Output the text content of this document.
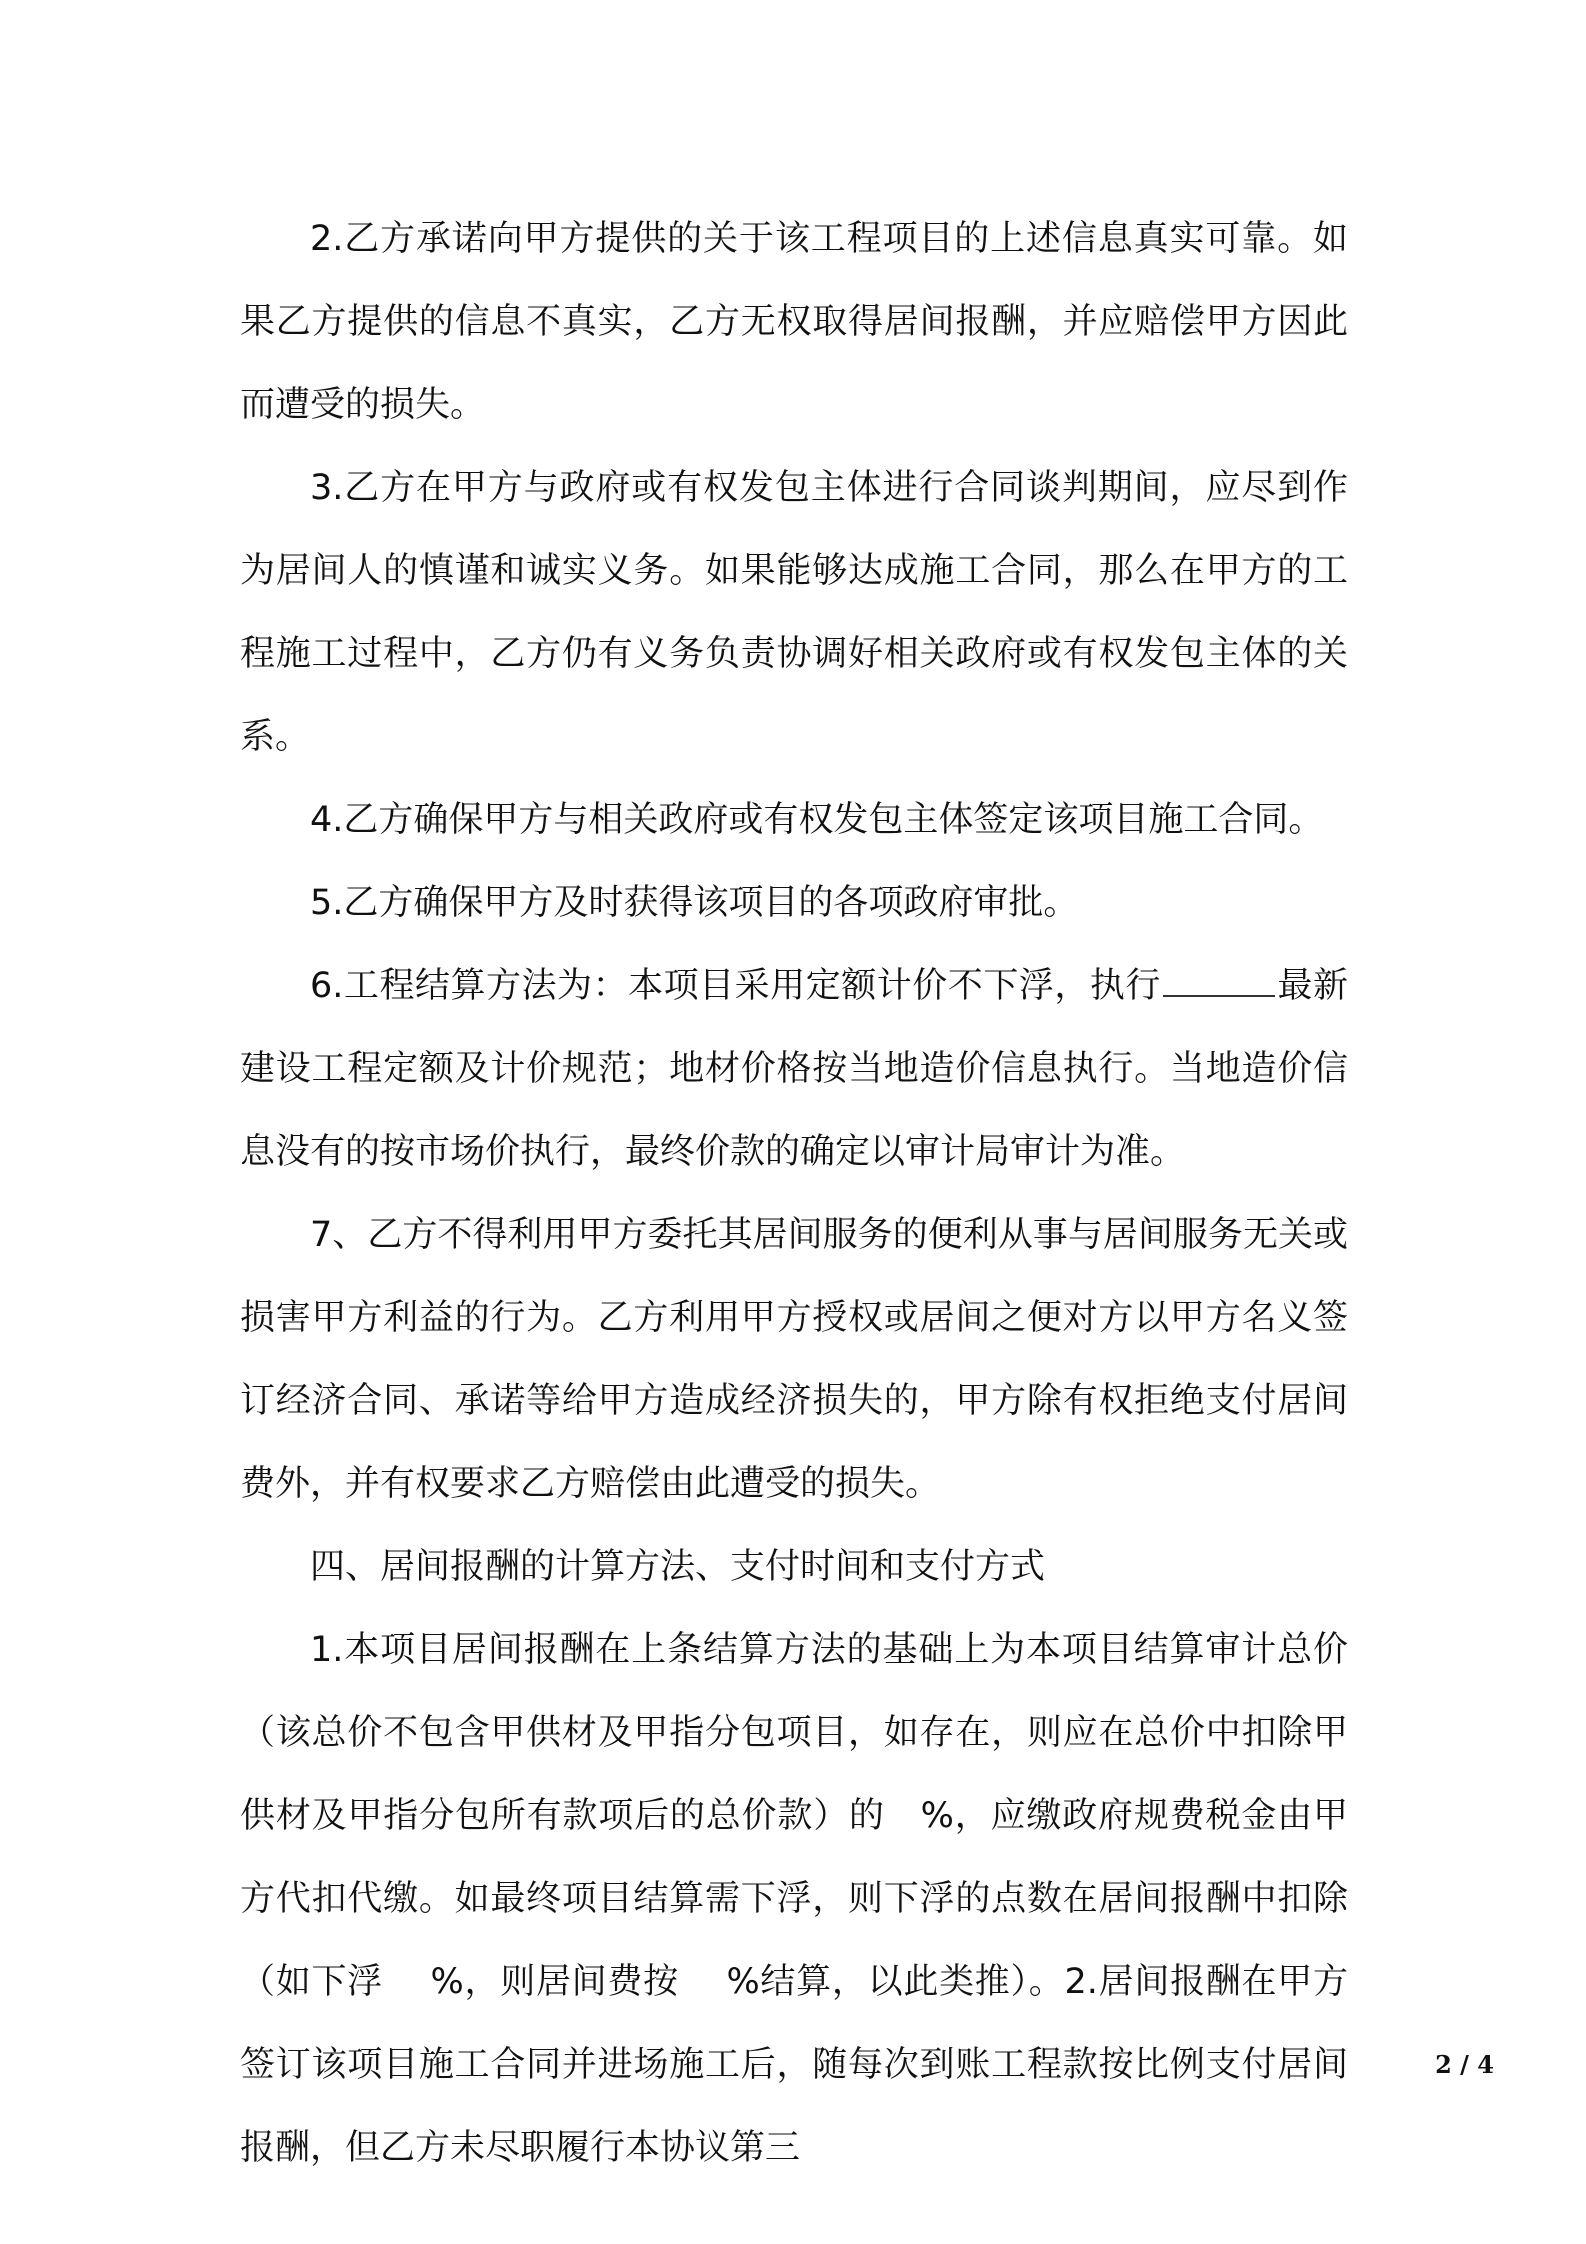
2.乙方承诺向甲方提供的关于该工程项目的上述信息真实可靠。如果乙方提供的信息不真实，乙方无权取得居间报酬，并应赔偿甲方因此而遭受的损失。

3.乙方在甲方与政府或有权发包主体进行合同谈判期间，应尽到作为居间人的慎谨和诚实义务。如果能够达成施工合同，那么在甲方的工程施工过程中，乙方仍有义务负责协调好相关政府或有权发包主体的关系。

4.乙方确保甲方与相关政府或有权发包主体签定该项目施工合同。

5.乙方确保甲方及时获得该项目的各项政府审批。

6.工程结算方法为：本项目采用定额计价不下浮，执行	最新建设工程定额及计价规范；地材价格按当地造价信息执行。当地造价信息没有的按市场价执行，最终价款的确定以审计局审计为准。

7、乙方不得利用甲方委托其居间服务的便利从事与居间服务无关或损害甲方利益的行为。乙方利用甲方授权或居间之便对方以甲方名义签订经济合同、承诺等给甲方造成经济损失的，甲方除有权拒绝支付居间费外，并有权要求乙方赔偿由此遭受的损失。

四、居间报酬的计算方法、支付时间和支付方式

1.本项目居间报酬在上条结算方法的基础上为本项目结算审计总价（该总价不包含甲供材及甲指分包项目，如存在，则应在总价中扣除甲供材及甲指分包所有款项后的总价款）的　%，应缴政府规费税金由甲方代扣代缴。如最终项目结算需下浮，则下浮的点数在居间报酬中扣除（如下浮　 %，则居间费按　 %结算，以此类推）。2.居间报酬在甲方签订该项目施工合同并进场施工后，随每次到账工程款按比例支付居间报酬，但乙方未尽职履行本协议第三

2 / 4
